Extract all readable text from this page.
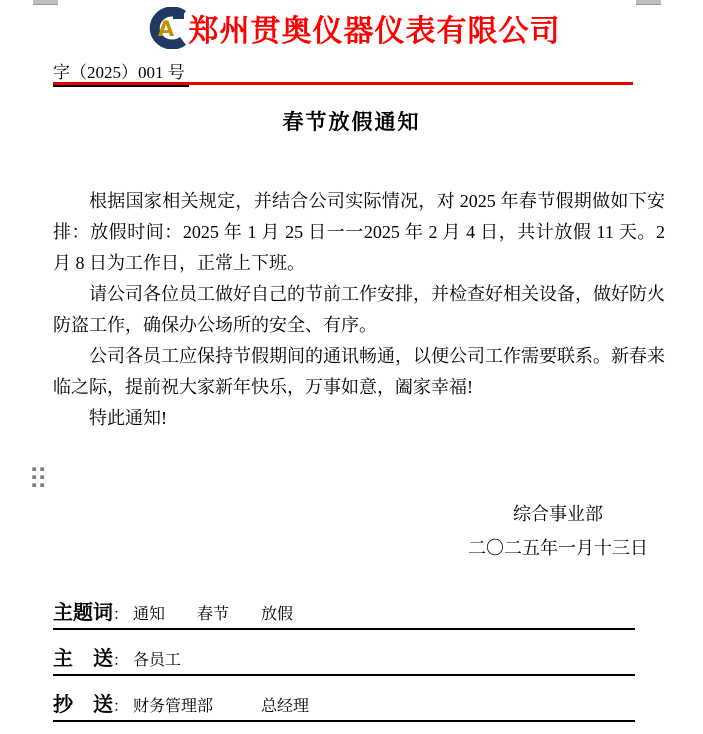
A 郑州贯奥仪器仪表有限公司
字（2025）001 号
春节放假通知

根据国家相关规定，并结合公司实际情况，对 2025 年春节假期做如下安排：放假时间：2025 年 1 月 25 日一一2025 年 2 月 4 日，共计放假 11 天。2 月 8 日为工作日，正常上下班。

请公司各位员工做好自己的节前工作安排，并检查好相关设备，做好防火防盗工作，确保办公场所的安全、有序。

公司各员工应保持节假期间的通讯畅通，以便公司工作需要联系。新春来临之际，提前祝大家新年快乐，万事如意，阖家幸福!

特此通知!

综合事业部
二〇二五年一月十三日
主题词： 通知　　春节　　放假
主　送： 各员工
抄　送： 财务管理部　　　总经理
